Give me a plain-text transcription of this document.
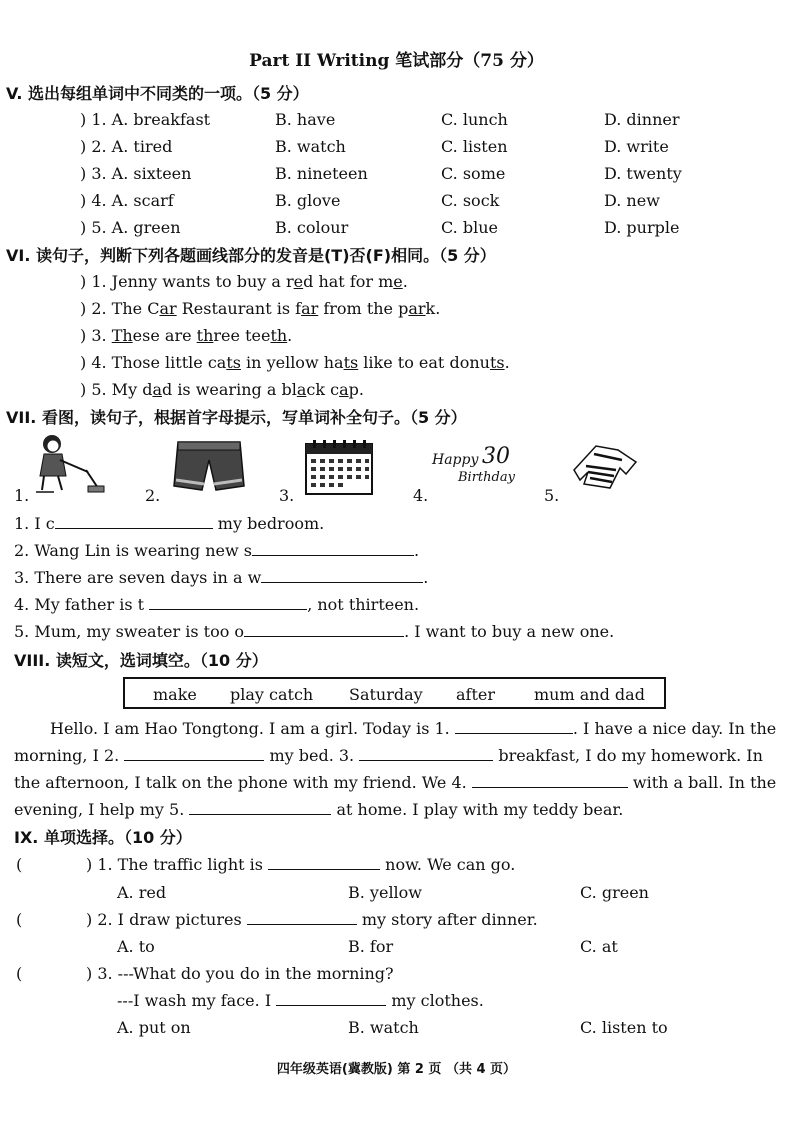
Part II Writing 笔试部分（75 分）
V. 选出每组单词中不同类的一项。（5 分）
) 1. A. breakfast	B. have	C. lunch	D. dinner
) 2. A. tired	B. watch	C. listen	D. write
) 3. A. sixteen	B. nineteen	C. some	D. twenty
) 4. A. scarf	B. glove	C. sock	D. new
) 5. A. green	B. colour	C. blue	D. purple
VI. 读句子，判断下列各题画线部分的发音是(T)否(F)相同。（5 分）
) 1. Jenny wants to buy a red hat for me.
) 2. The Car Restaurant is far from the park.
) 3. These are three teeth.
) 4. Those little cats in yellow hats like to eat donuts.
) 5. My dad is wearing a black cap.
VII. 看图，读句子，根据首字母提示，写单词补全句子。（5 分）
1.	2.	3.
Happy 30
Birthday
4.	5.
1. I c	my bedroom.
2. Wang Lin is wearing new s	.
3. There are seven days in a w	.
4. My father is t	, not thirteen.
5. Mum, my sweater is too o	. I want to buy a new one.
VIII. 读短文，选词填空。（10 分）
make play catch Saturday after mum and dad
Hello. I am Hao Tongtong. I am a girl. Today is 1.	. I have a nice day. In the
morning, I 2.	my bed. 3.	breakfast, I do my homework. In
the afternoon, I talk on the phone with my friend. We 4.	with a ball. In the
evening, I help my 5.	at home. I play with my teddy bear.
IX. 单项选择。（10 分）
(	) 1. The traffic light is	now. We can go.
A. red	B. yellow	C. green
(	) 2. I draw pictures	my story after dinner.
A. to	B. for	C. at
(	) 3. ---What do you do in the morning?
---I wash my face. I	my clothes.
A. put on	B. watch	C. listen to
四年级英语(冀教版) 第 2 页 （共 4 页）
